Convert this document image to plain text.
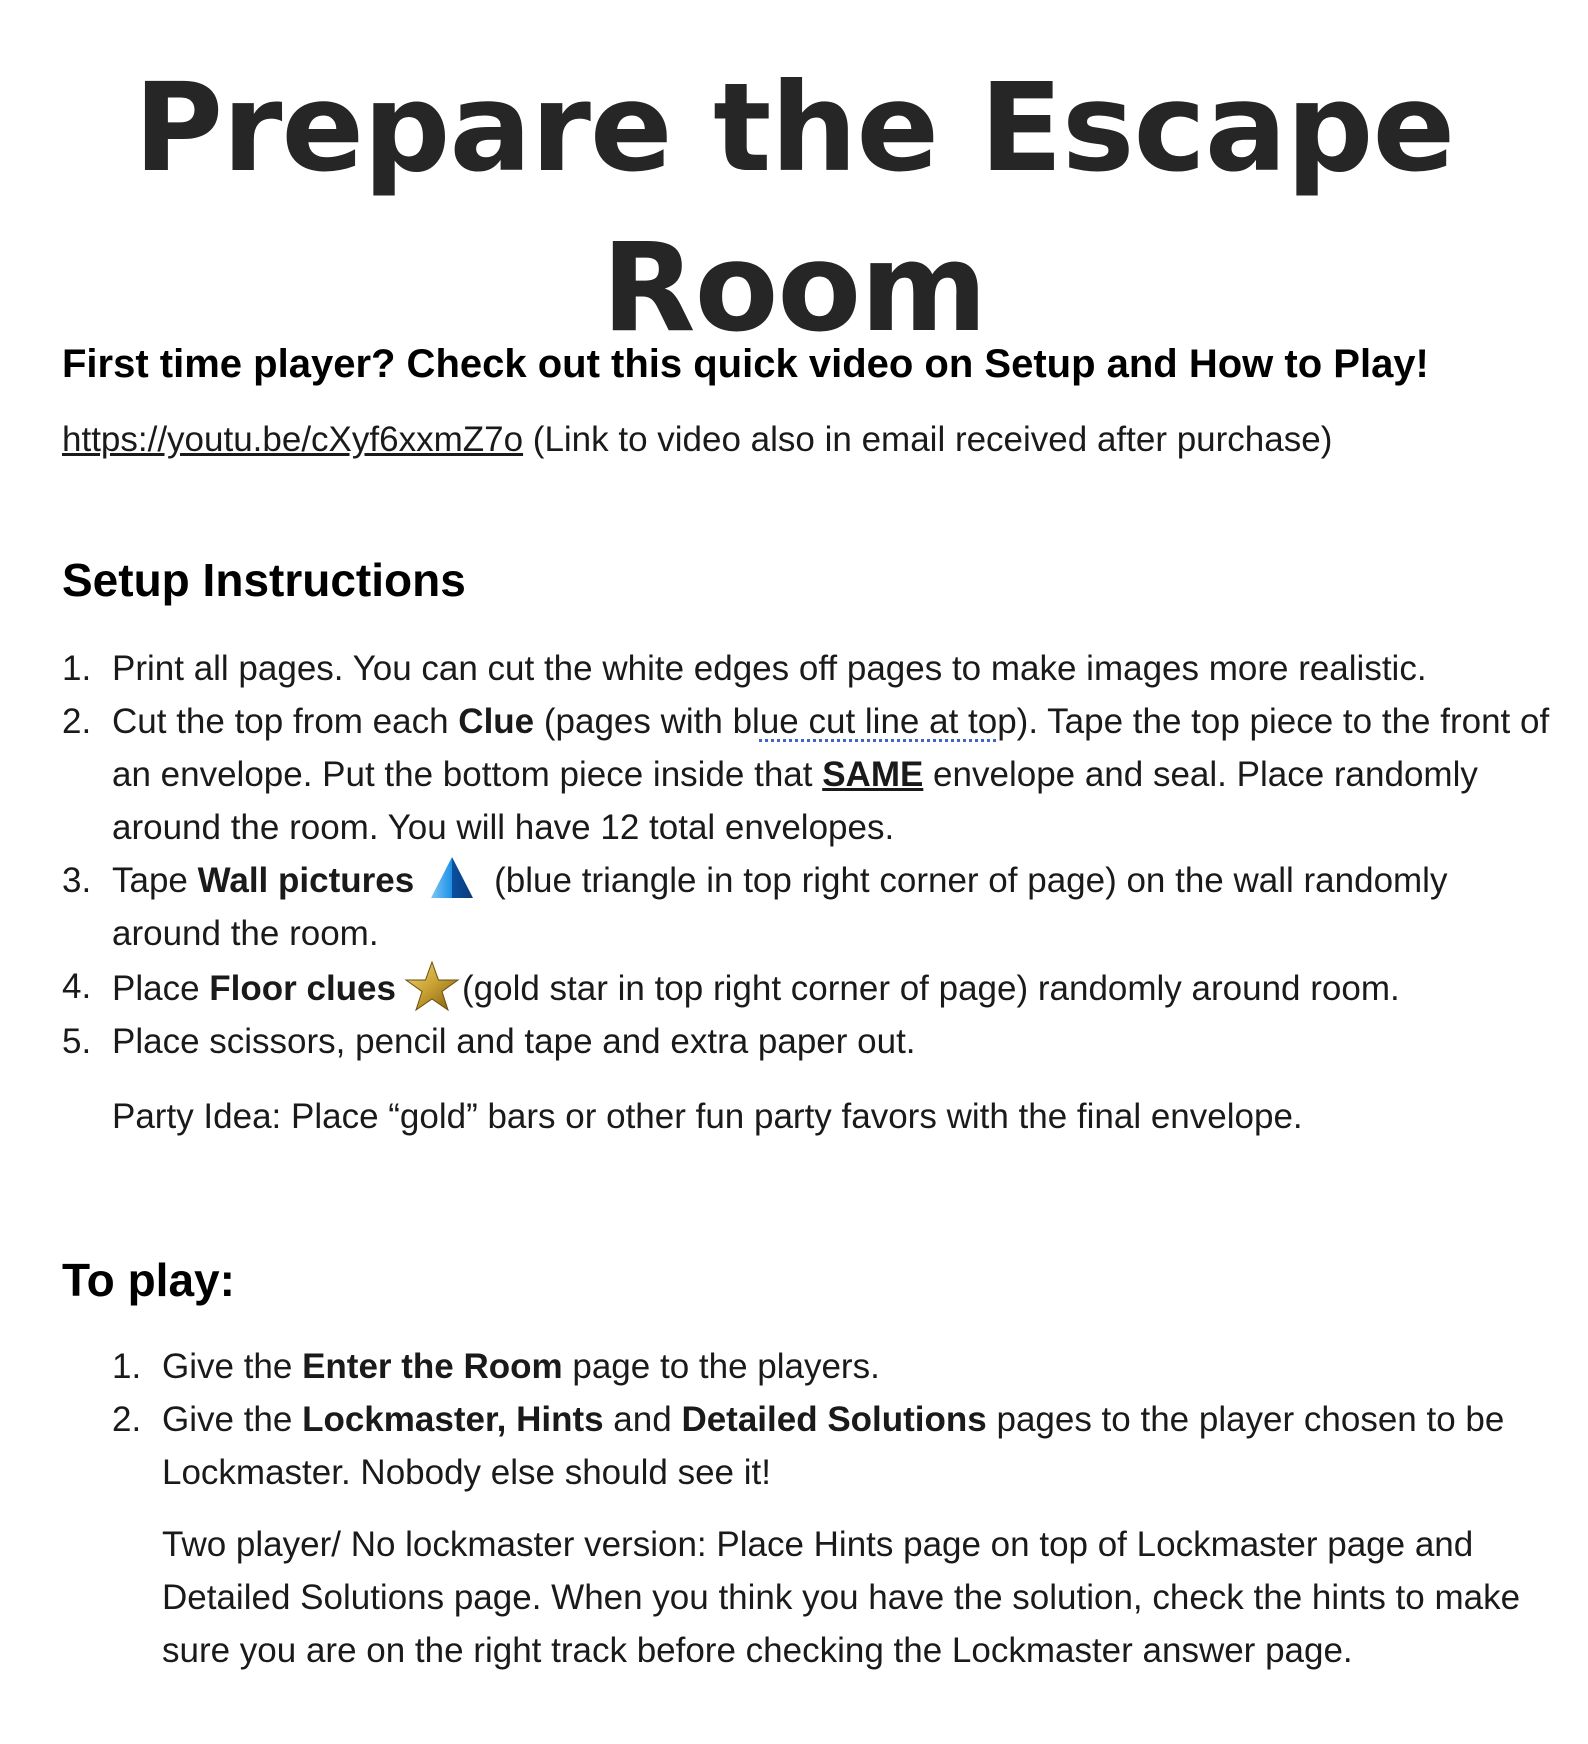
Prepare the Escape Room
First time player? Check out this quick video on Setup and How to Play!

https://youtu.be/cXyf6xxmZ7o (Link to video also in email received after purchase)

Setup Instructions
1. Print all pages. You can cut the white edges off pages to make images more realistic.
2. Cut the top from each Clue (pages with blue cut line at top). Tape the top piece to the front of an envelope. Put the bottom piece inside that SAME envelope and seal. Place randomly around the room. You will have 12 total envelopes.
3. Tape Wall pictures (blue triangle in top right corner of page) on the wall randomly around the room.
4. Place Floor clues (gold star in top right corner of page) randomly around room.
5. Place scissors, pencil and tape and extra paper out.

Party Idea: Place “gold” bars or other fun party favors with the final envelope.

To play:
1. Give the Enter the Room page to the players.
2. Give the Lockmaster, Hints and Detailed Solutions pages to the player chosen to be Lockmaster. Nobody else should see it!

Two player/ No lockmaster version: Place Hints page on top of Lockmaster page and Detailed Solutions page. When you think you have the solution, check the hints to make sure you are on the right track before checking the Lockmaster answer page.
